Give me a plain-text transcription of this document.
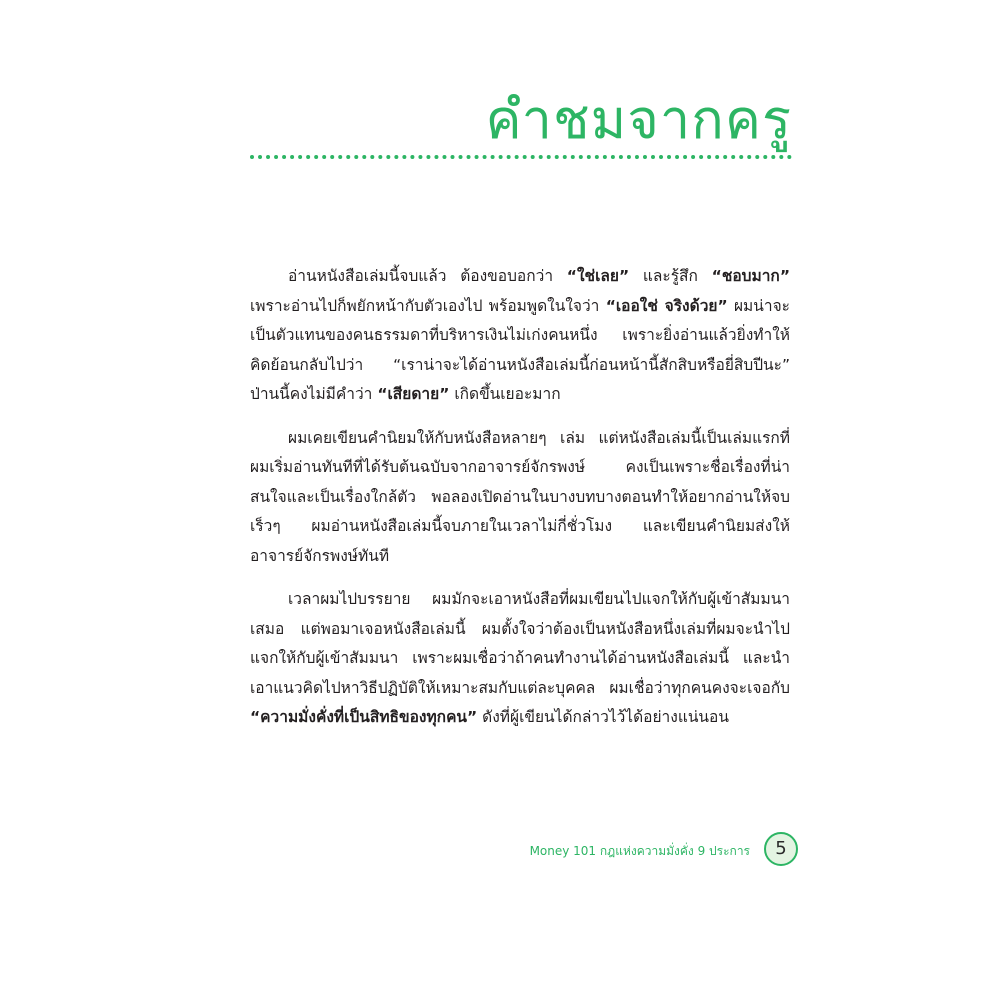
คำชมจากครู

อ่านหนังสือเล่มนี้จบแล้ว ต้องขอบอกว่า “ใช่เลย” และรู้สึก “ชอบมาก” เพราะอ่านไปก็พยักหน้ากับตัวเองไป พร้อมพูดในใจว่า “เออใช่ จริงด้วย” ผมน่าจะเป็นตัวแทนของคนธรรมดาที่บริหารเงินไม่เก่งคนหนึ่ง เพราะยิ่งอ่านแล้วยิ่งทำให้คิดย้อนกลับไปว่า “เราน่าจะได้อ่านหนังสือเล่มนี้ก่อนหน้านี้สักสิบหรือยี่สิบปีนะ” ป่านนี้คงไม่มีคำว่า “เสียดาย” เกิดขึ้นเยอะมาก

ผมเคยเขียนคำนิยมให้กับหนังสือหลายๆ เล่ม แต่หนังสือเล่มนี้เป็นเล่มแรกที่ผมเริ่มอ่านทันทีที่ได้รับต้นฉบับจากอาจารย์จักรพงษ์ คงเป็นเพราะชื่อเรื่องที่น่าสนใจและเป็นเรื่องใกล้ตัว พอลองเปิดอ่านในบางบทบางตอนทำให้อยากอ่านให้จบเร็วๆ ผมอ่านหนังสือเล่มนี้จบภายในเวลาไม่กี่ชั่วโมง และเขียนคำนิยมส่งให้อาจารย์จักรพงษ์ทันที

เวลาผมไปบรรยาย ผมมักจะเอาหนังสือที่ผมเขียนไปแจกให้กับผู้เข้าสัมมนาเสมอ แต่พอมาเจอหนังสือเล่มนี้ ผมตั้งใจว่าต้องเป็นหนังสือหนึ่งเล่มที่ผมจะนำไปแจกให้กับผู้เข้าสัมมนา เพราะผมเชื่อว่าถ้าคนทำงานได้อ่านหนังสือเล่มนี้ และนำเอาแนวคิดไปหาวิธีปฏิบัติให้เหมาะสมกับแต่ละบุคคล ผมเชื่อว่าทุกคนคงจะเจอกับ “ความมั่งคั่งที่เป็นสิทธิของทุกคน” ดังที่ผู้เขียนได้กล่าวไว้ได้อย่างแน่นอน

Money 101 กฎแห่งความมั่งคั่ง 9 ประการ	5
